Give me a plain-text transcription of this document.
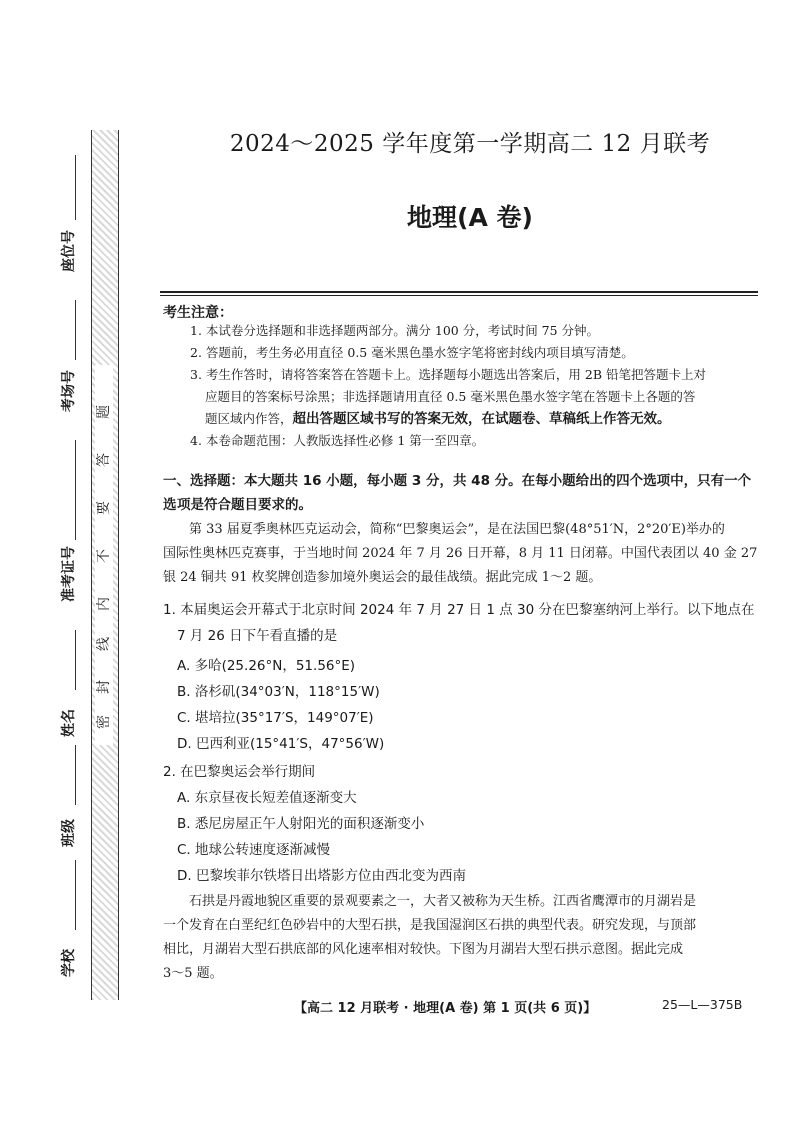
题
答
要
不
内
线
封
密
座位号
考场号
准考证号
姓名
班级
学校
2024～2025 学年度第一学期高二 12 月联考
地理(A 卷)
考生注意：
1. 本试卷分选择题和非选择题两部分。满分 100 分，考试时间 75 分钟。
2. 答题前，考生务必用直径 0.5 毫米黑色墨水签字笔将密封线内项目填写清楚。
3. 考生作答时，请将答案答在答题卡上。选择题每小题选出答案后，用 2B 铅笔把答题卡上对
应题目的答案标号涂黑；非选择题请用直径 0.5 毫米黑色墨水签字笔在答题卡上各题的答
题区域内作答，超出答题区域书写的答案无效，在试题卷、草稿纸上作答无效。
4. 本卷命题范围：人教版选择性必修 1 第一至四章。
一、选择题：本大题共 16 小题，每小题 3 分，共 48 分。在每小题给出的四个选项中，只有一个选 项是符合题目要求的。
第 33 届夏季奥林匹克运动会，简称“巴黎奥运会”，是在法国巴黎(48°51′N，2°20′E)举办的
国际性奥林匹克赛事，于当地时间 2024 年 7 月 26 日开幕，8 月 11 日闭幕。中国代表团以 40 金 27
银 24 铜共 91 枚奖牌创造参加境外奥运会的最佳战绩。据此完成 1～2 题。
1. 本届奥运会开幕式于北京时间 2024 年 7 月 27 日 1 点 30 分在巴黎塞纳河上举行。以下地点在
7 月 26 日下午看直播的是
A. 多哈(25.26°N，51.56°E)
B. 洛杉矶(34°03′N，118°15′W)
C. 堪培拉(35°17′S，149°07′E)
D. 巴西利亚(15°41′S，47°56′W)
2. 在巴黎奥运会举行期间
A. 东京昼夜长短差值逐渐变大
B. 悉尼房屋正午人射阳光的面积逐渐变小
C. 地球公转速度逐渐减慢
D. 巴黎埃菲尔铁塔日出塔影方位由西北变为西南
石拱是丹霞地貌区重要的景观要素之一，大者又被称为天生桥。江西省鹰潭市的月湖岩是
一个发育在白垩纪红色砂岩中的大型石拱，是我国湿润区石拱的典型代表。研究发现，与顶部
相比，月湖岩大型石拱底部的风化速率相对较快。下图为月湖岩大型石拱示意图。据此完成
3～5 题。
【高二 12 月联考 · 地理(A 卷) 第 1 页(共 6 页)】	25—L—375B
